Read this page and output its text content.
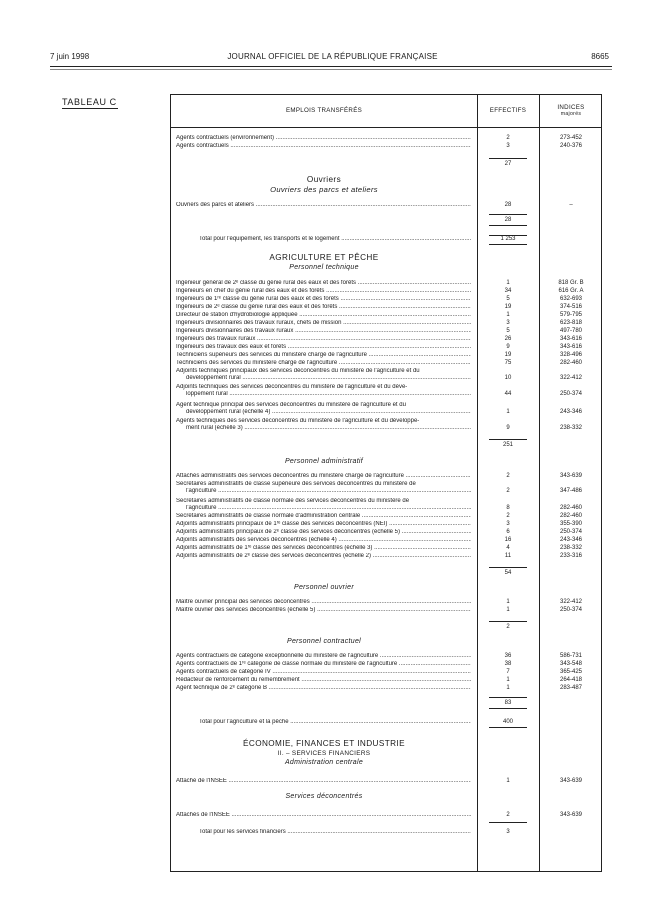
7 juin 1998	JOURNAL OFFICIEL DE LA RÉPUBLIQUE FRANÇAISE	8665
TABLEAU C
EMPLOIS TRANSFÉRÉS	EFFECTIFS	INDICES
majorés
Agents contractuels (environnement) .....	2	273-452
Agents contractuels .....	3	240-376
27
Ouvriers
Ouvriers des parcs et ateliers
Ouvriers des parcs et ateliers .....	28	–
28
Total pour l'équipement, les transports et le logement .....	1 253
AGRICULTURE ET PÊCHE
Personnel technique
Ingénieur général de 2ᵉ classe du génie rural des eaux et des forêts .....	1	818 Gr. B
Ingénieurs en chef du génie rural des eaux et des forêts .....	34	616 Gr. A
Ingénieurs de 1ʳᵉ classe du génie rural des eaux et des forêts .....	5	632-693
Ingénieurs de 2ᵉ classe du génie rural des eaux et des forêts .....	19	374-516
Directeur de station d'hydrobiologie appliquée .....	1	579-795
Ingénieurs divisionnaires des travaux ruraux, chefs de mission .....	3	623-818
Ingénieurs divisionnaires des travaux ruraux .....	5	497-780
Ingénieurs des travaux ruraux .....	26	343-616
Ingénieurs des travaux des eaux et forêts .....	9	343-616
Techniciens supérieurs des services du ministère chargé de l'agriculture .....	19	328-496
Techniciens des services du ministère chargé de l'agriculture .....	75	282-460
Adjoints techniques principaux des services déconcentrés du ministère de l'agriculture et du
développement rural .....	10	322-412
Adjoints techniques des services déconcentrés du ministère de l'agriculture et du déve-
loppement rural .....	44	250-374
Agent technique principal des services déconcentrés du ministère de l'agriculture et du
développement rural (échelle 4) .....	1	243-346
Agents techniques des services déconcentrés du ministère de l'agriculture et du développe-
ment rural (échelle 3) .....	9	238-332
251
Personnel administratif
Attachés administratifs des services déconcentrés du ministère chargé de l'agriculture .....	2	343-639
Secrétaires administratifs de classe supérieure des services déconcentrés du ministère de
l'agriculture .....	2	347-486
Secrétaires administratifs de classe normale des services déconcentrés du ministère de
l'agriculture .....	8	282-460
Secrétaires administratifs de classe normale d'administration centrale .....	2	282-460
Adjoints administratifs principaux de 1ʳᵉ classe des services déconcentrés (NEI) .....	3	355-390
Adjoints administratifs principaux de 2ᵉ classe des services déconcentrés (échelle 5) .....	6	250-374
Adjoints administratifs des services déconcentrés (échelle 4) .....	16	243-346
Adjoints administratifs de 1ʳᵉ classe des services déconcentrés (échelle 3) .....	4	238-332
Adjoints administratifs de 2ᵉ classe des services déconcentrés (échelle 2) .....	11	233-316
54
Personnel ouvrier
Maître ouvrier principal des services déconcentrés .....	1	322-412
Maître ouvrier des services déconcentrés (échelle 5) .....	1	250-374
2
Personnel contractuel
Agents contractuels de catégorie exceptionnelle du ministère de l'agriculture .....	36	586-731
Agents contractuels de 1ʳᵉ catégorie de classe normale du ministère de l'agriculture .....	38	343-548
Agents contractuels de catégorie IV .....	7	365-425
Rédacteur de renforcement du remembrement .....	1	264-418
Agent technique de 2ᵉ catégorie B .....	1	283-487
83
Total pour l'agriculture et la pêche .....	400
ÉCONOMIE, FINANCES ET INDUSTRIE
II. – SERVICES FINANCIERS
Administration centrale
Attaché de l'INSEE .....	1	343-639
Services déconcentrés
Attachés de l'INSEE .....	2	343-639
Total pour les services financiers .....	3
